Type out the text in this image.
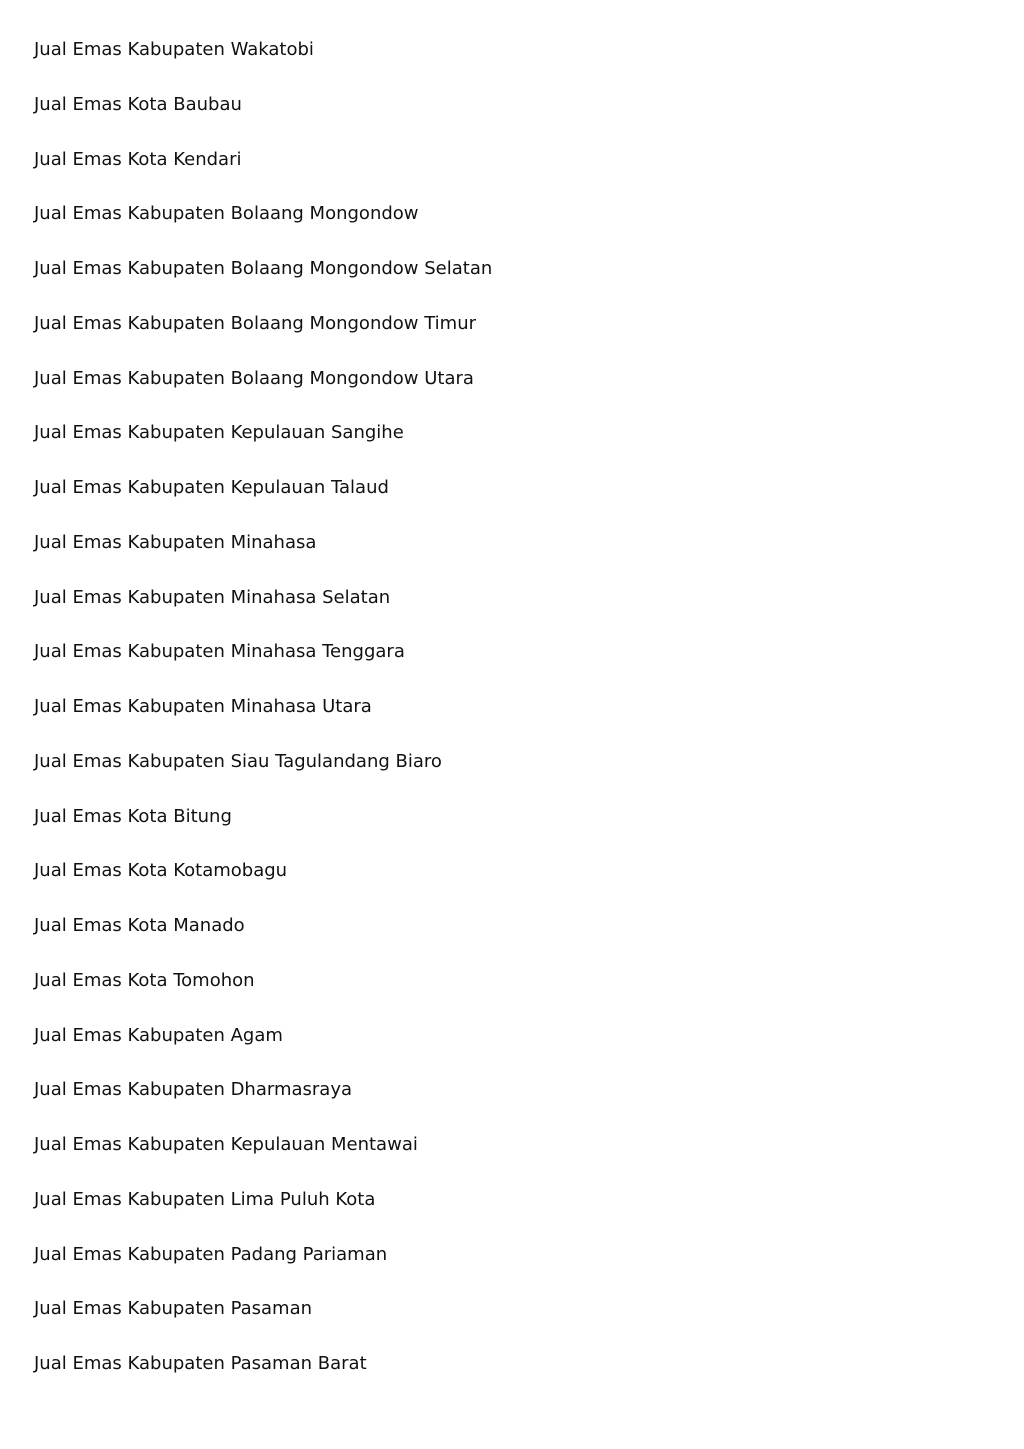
Jual Emas Kabupaten Wakatobi
Jual Emas Kota Baubau
Jual Emas Kota Kendari
Jual Emas Kabupaten Bolaang Mongondow
Jual Emas Kabupaten Bolaang Mongondow Selatan
Jual Emas Kabupaten Bolaang Mongondow Timur
Jual Emas Kabupaten Bolaang Mongondow Utara
Jual Emas Kabupaten Kepulauan Sangihe
Jual Emas Kabupaten Kepulauan Talaud
Jual Emas Kabupaten Minahasa
Jual Emas Kabupaten Minahasa Selatan
Jual Emas Kabupaten Minahasa Tenggara
Jual Emas Kabupaten Minahasa Utara
Jual Emas Kabupaten Siau Tagulandang Biaro
Jual Emas Kota Bitung
Jual Emas Kota Kotamobagu
Jual Emas Kota Manado
Jual Emas Kota Tomohon
Jual Emas Kabupaten Agam
Jual Emas Kabupaten Dharmasraya
Jual Emas Kabupaten Kepulauan Mentawai
Jual Emas Kabupaten Lima Puluh Kota
Jual Emas Kabupaten Padang Pariaman
Jual Emas Kabupaten Pasaman
Jual Emas Kabupaten Pasaman Barat
